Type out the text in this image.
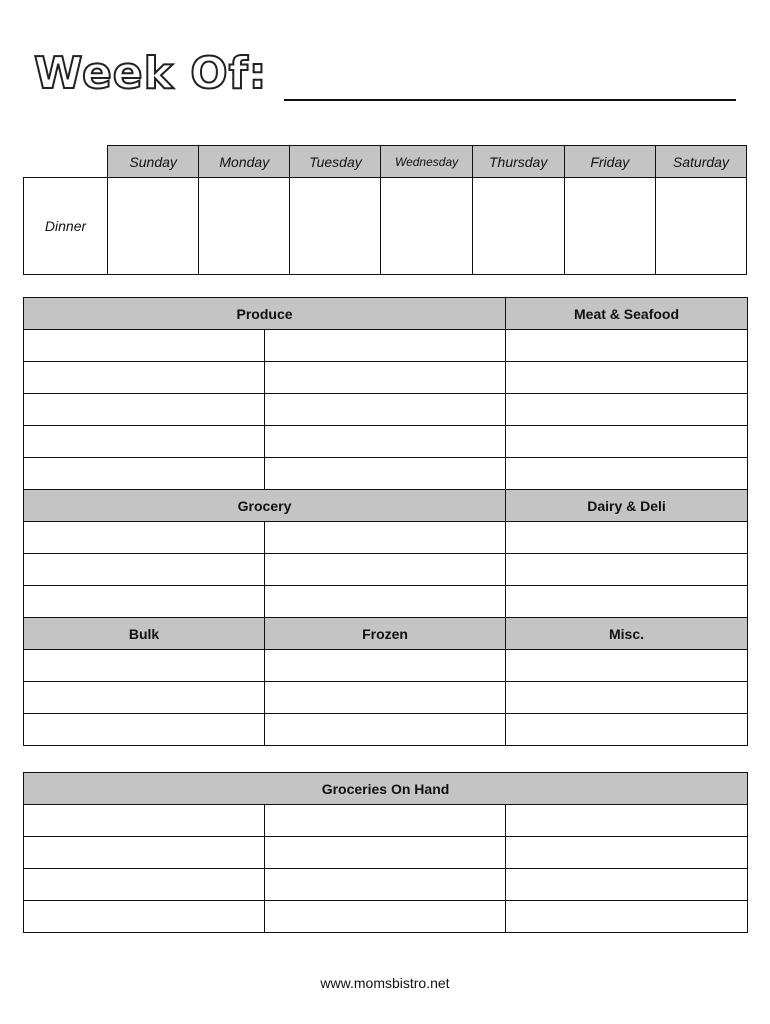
Week Of:
	Sunday	Monday	Tuesday	Wednesday	Thursday	Friday	Saturday
Dinner							
Produce		Meat & Seafood

Grocery		Dairy & Deli

Bulk	Frozen	Misc.

Groceries On Hand		

www.momsbistro.net
